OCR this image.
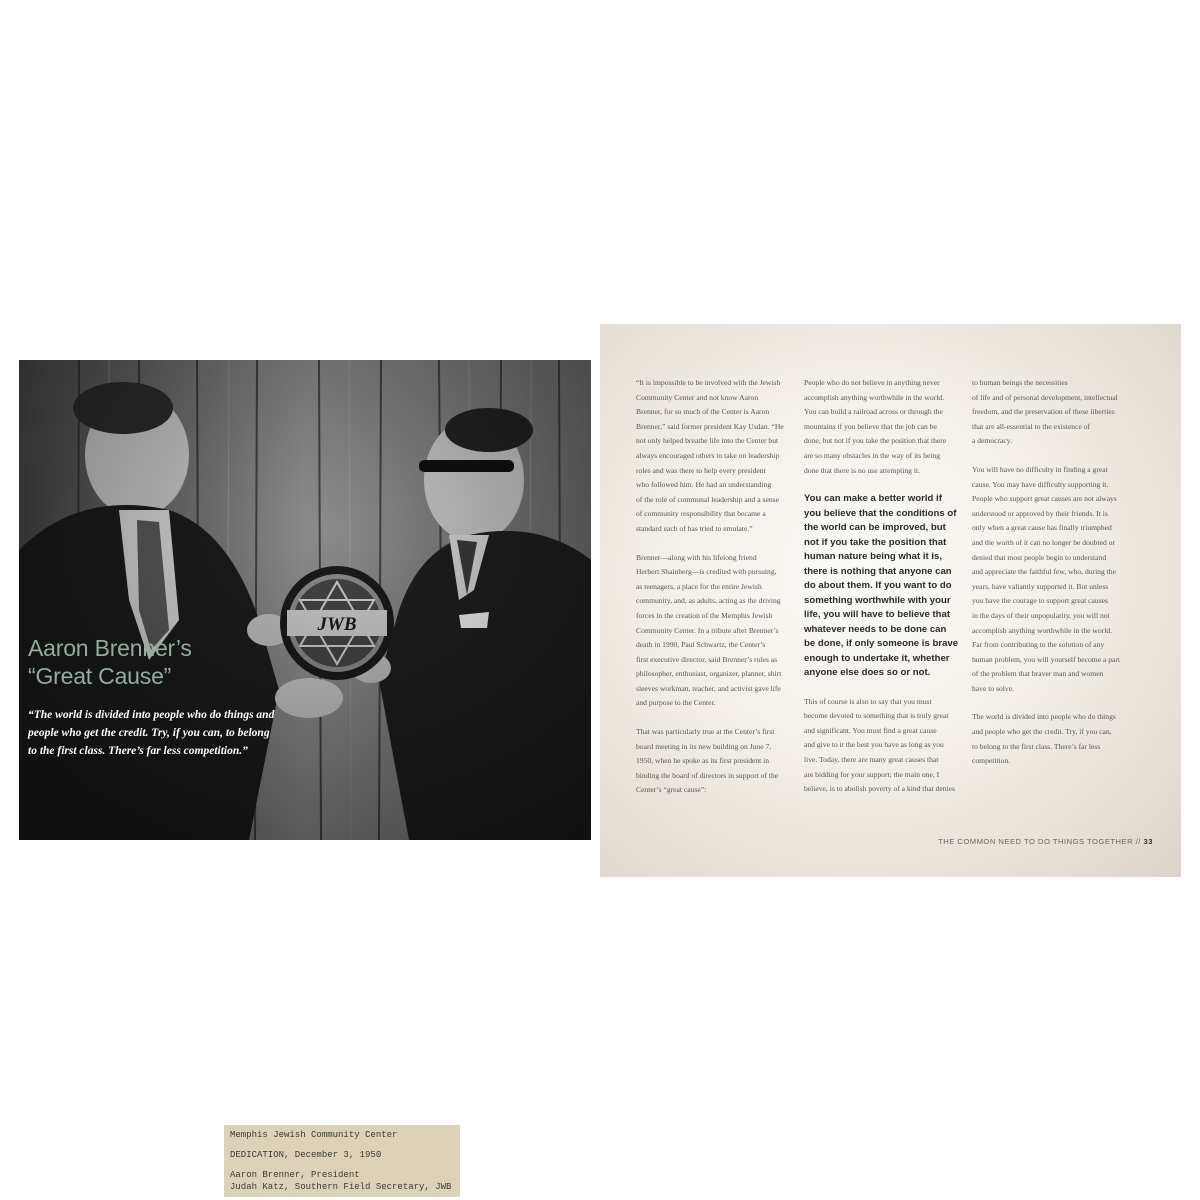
Memphis Jewish Community Center
DEDICATION, December 3, 1950
Aaron Brenner, President
Judah Katz, Southern Field Secretary, JWB
Aaron Brenner’s
“Great Cause”

“The world is divided into people who do things and people who get the credit. Try, if you can, to belong to the first class. There’s far less competition.”

“It is impossible to be involved with the Jewish
Community Center and not know Aaron
Brenner, for so much of the Center is Aaron
Brenner,” said former president Kay Usdan. “He
not only helped breathe life into the Center but
always encouraged others to take on leadership
roles and was there to help every president
who followed him. He had an understanding
of the role of communal leadership and a sense
of community responsibility that became a
standard each of has tried to emulate.”

Brenner—along with his lifelong friend
Herbert Shainberg—is credited with pursuing,
as teenagers, a place for the entire Jewish
community, and, as adults, acting as the driving
forces in the creation of the Memphis Jewish
Community Center. In a tribute after Brenner’s
death in 1990, Paul Schwartz, the Center’s
first executive director, said Brenner’s roles as
philosopher, enthusiast, organizer, planner, shirt
sleeves workman, teacher, and activist gave life
and purpose to the Center.

That was particularly true at the Center’s first
board meeting in its new building on June 7,
1950, when he spoke as its first president in
binding the board of directors in support of the
Center’s “great cause”:

People who do not believe in anything never
accomplish anything worthwhile in the world.
You can build a railroad across or through the
mountains if you believe that the job can be
done, but not if you take the position that there
are so many obstacles in the way of its being
done that there is no use attempting it.

You can make a better world if
you believe that the conditions of
the world can be improved, but
not if you take the position that
human nature being what it is,
there is nothing that anyone can
do about them. If you want to do
something worthwhile with your
life, you will have to believe that
whatever needs to be done can
be done, if only someone is brave
enough to undertake it, whether
anyone else does so or not.

This of course is also to say that you must
become devoted to something that is truly great
and significant. You must find a great cause
and give to it the best you have as long as you
live. Today, there are many great causes that
are bidding for your support; the main one, I
believe, is to abolish poverty of a kind that denies

to human beings the necessities
of life and of personal development, intellectual
freedom, and the preservation of these liberties
that are all-essential to the existence of
a democracy.

You will have no difficulty in finding a great
cause. You may have difficulty supporting it.
People who support great causes are not always
understood or approved by their friends. It is
only when a great cause has finally triumphed
and the worth of it can no longer be doubted or
denied that most people begin to understand
and appreciate the faithful few, who, during the
years, have valiantly supported it. But unless
you have the courage to support great causes
in the days of their unpopularity, you will not
accomplish anything worthwhile in the world.
Far from contributing to the solution of any
human problem, you will yourself become a part
of the problem that braver man and women
have to solve.

The world is divided into people who do things
and people who get the credit. Try, if you can,
to belong to the first class. There’s far less
competition.

THE COMMON NEED TO DO THINGS TOGETHER // 33
